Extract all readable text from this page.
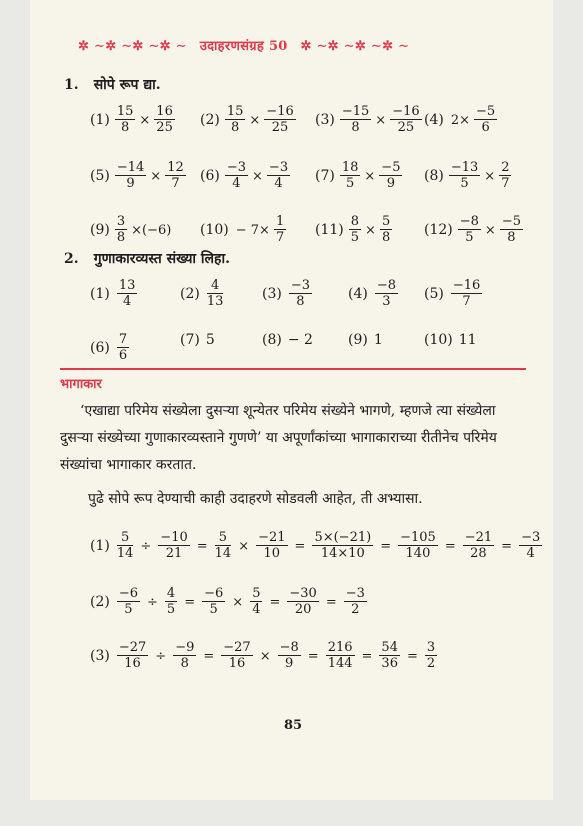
✲ ∼✲ ∼✲ ∼✲ ∼ उदाहरणसंग्रह 50 ✲ ∼✲ ∼✲ ∼✲ ∼
1. सोपे रूप द्या.
$(1) \frac{15}{8} \times \frac{16}{25} (2) \frac{15}{8} \times \frac{-16}{25} (3) \frac{-15}{8} \times \frac{-16}{25} (4)$ $2\times \frac{-5}{6}$
$(5) \frac{-14}{9} \times \frac{12}{7} (6) \frac{-3}{4} \times \frac{-3}{4} (7) \frac{18}{5} \times \frac{-5}{9} (8) \frac{-13}{5} \times \frac{2}{7}$
$(9) \frac{3}{8} \times(-6) (10) - 7\times \frac{1}{7} (11) \frac{8}{5} \times \frac{5}{8} (12) \frac{-8}{5} \times \frac{-5}{8}$
2. गुणाकारव्यस्त संख्या लिहा.
$(1) \frac{13}{4}$	$(2) \frac{4}{13}$	$(3) \frac{-3}{8}$	$(4) \frac{-8}{3} (5) \frac{-16}{7}$
$(6) \frac{7}{6}$	(7) 5	(8) − 2	(9) 1	(10) 11
भागाकार
‘एखाद्या परिमेय संख्येला दुसऱ्या शून्येतर परिमेय संख्येने भागणे, म्हणजे त्या संख्येला दुसऱ्या संख्येच्या गुणाकारव्यस्ताने गुणणे’ या अपूर्णांकांच्या भागाकाराच्या रीतीनेच परिमेय संख्यांचा भागाकार करतात.
पुढे सोपे रूप देण्याची काही उदाहरणे सोडवली आहेत, ती अभ्यासा.
$(1) \frac{5}{14} \div \frac{-10}{21} = \frac{5}{14} \times \frac{-21}{10} = \frac{5\times(-21)}{14\times 10} = \frac{-105}{140} = \frac{-21}{28} = \frac{-3}{4}$
$(2) \frac{-6}{5} \div \frac{4}{5} = \frac{-6}{5} \times \frac{5}{4} = \frac{-30}{20} = \frac{-3}{2}$
$(3) \frac{-27}{16} \div \frac{-9}{8} = \frac{-27}{16} \times \frac{-8}{9} = \frac{216}{144} = \frac{54}{36} = \frac{3}{2}$
85
